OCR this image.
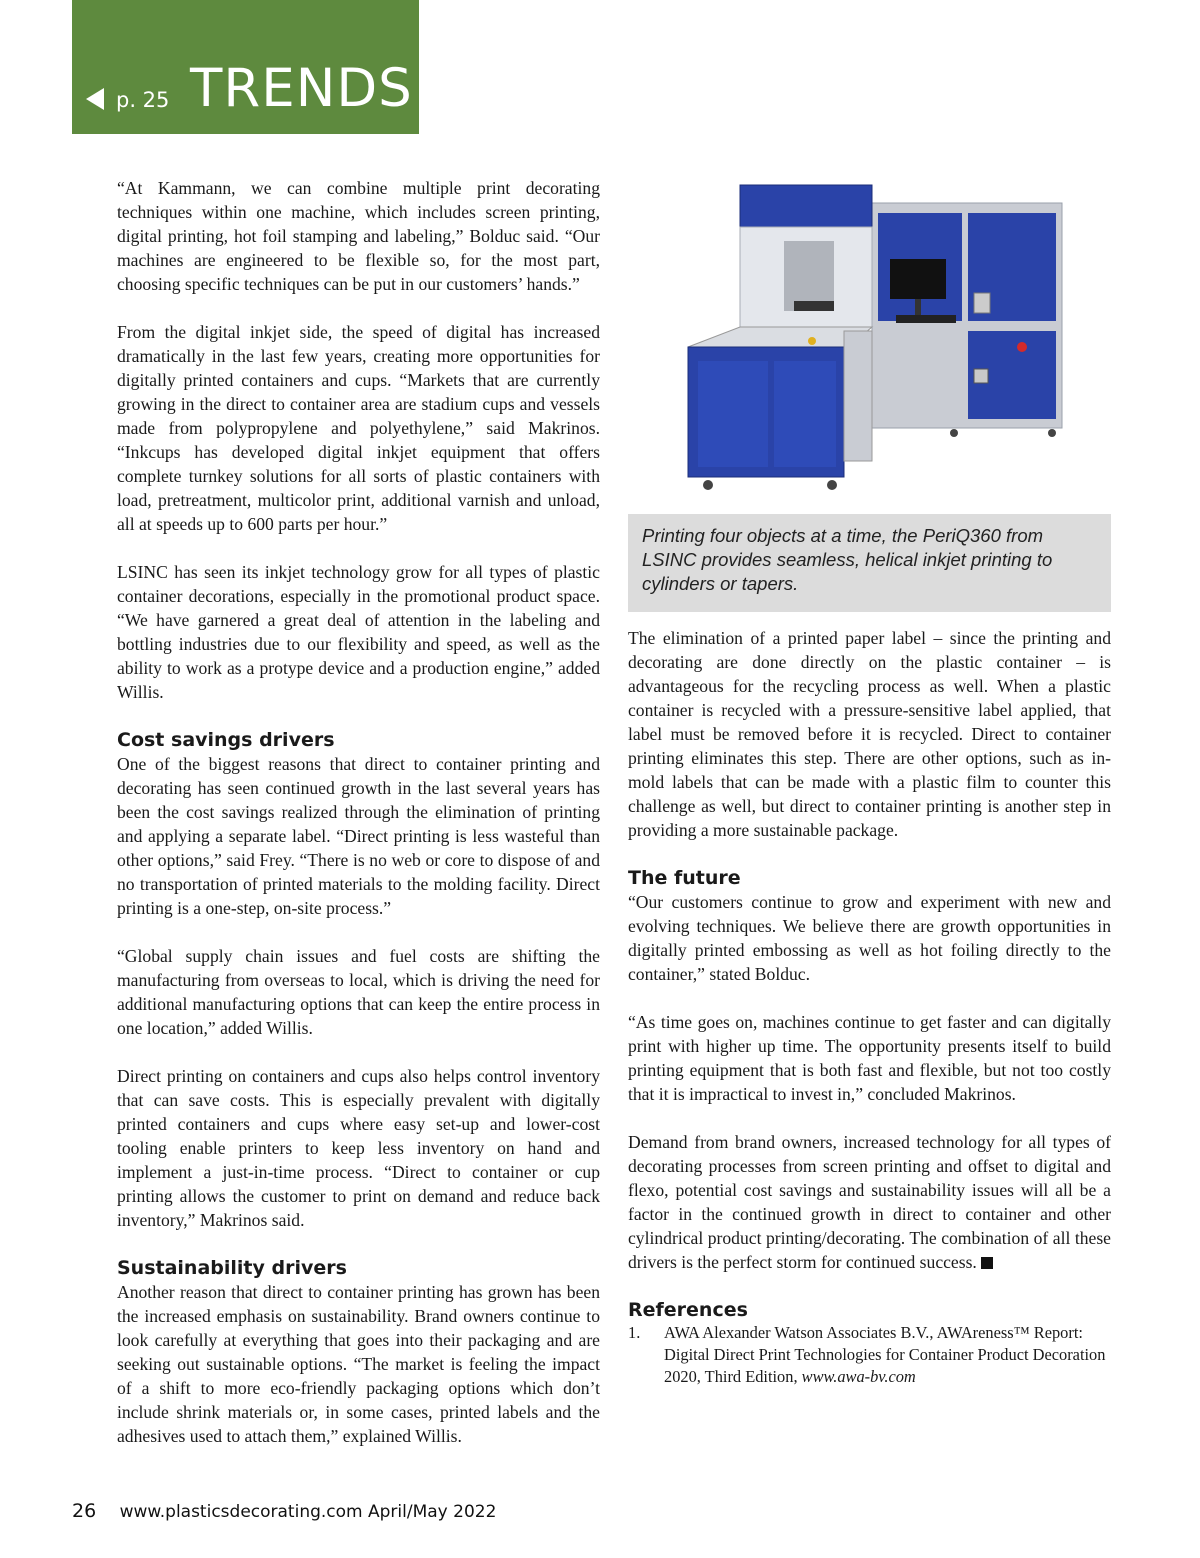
p. 25 TRENDS

“At Kammann, we can combine multiple print decorating techniques within one machine, which includes screen printing, digital printing, hot foil stamping and labeling,” Bolduc said. “Our machines are engineered to be flexible so, for the most part, choosing specific techniques can be put in our customers’ hands.”

From the digital inkjet side, the speed of digital has increased dramatically in the last few years, creating more opportunities for digitally printed containers and cups. “Markets that are currently growing in the direct to container area are stadium cups and vessels made from polypropylene and polyethylene,” said Makrinos. “Inkcups has developed digital inkjet equipment that offers complete turnkey solutions for all sorts of plastic containers with load, pretreatment, multicolor print, additional varnish and unload, all at speeds up to 600 parts per hour.”

LSINC has seen its inkjet technology grow for all types of plastic container decorations, especially in the promotional product space. “We have garnered a great deal of attention in the labeling and bottling industries due to our flexibility and speed, as well as the ability to work as a protype device and a production engine,” added Willis.

Cost savings drivers

One of the biggest reasons that direct to container printing and decorating has seen continued growth in the last several years has been the cost savings realized through the elimination of printing and applying a separate label. “Direct printing is less wasteful than other options,” said Frey. “There is no web or core to dispose of and no transportation of printed materials to the molding facility. Direct printing is a one-step, on-site process.”

“Global supply chain issues and fuel costs are shifting the manufacturing from overseas to local, which is driving the need for additional manufacturing options that can keep the entire process in one location,” added Willis.

Direct printing on containers and cups also helps control inventory that can save costs. This is especially prevalent with digitally printed containers and cups where easy set-up and lower-cost tooling enable printers to keep less inventory on hand and implement a just-in-time process. “Direct to container or cup printing allows the customer to print on demand and reduce back inventory,” Makrinos said.

Sustainability drivers

Another reason that direct to container printing has grown has been the increased emphasis on sustainability. Brand owners continue to look carefully at everything that goes into their packaging and are seeking out sustainable options. “The market is feeling the impact of a shift to more eco-friendly packaging options which don’t include shrink materials or, in some cases, printed labels and the adhesives used to attach them,” explained Willis.

Printing four objects at a time, the PeriQ360 from LSINC provides seamless, helical inkjet printing to cylinders or tapers.

The elimination of a printed paper label – since the printing and decorating are done directly on the plastic container – is advantageous for the recycling process as well. When a plastic container is recycled with a pressure-sensitive label applied, that label must be removed before it is recycled. Direct to container printing eliminates this step. There are other options, such as in-mold labels that can be made with a plastic film to counter this challenge as well, but direct to container printing is another step in providing a more sustainable package.

The future

“Our customers continue to grow and experiment with new and evolving techniques. We believe there are growth opportunities in digitally printed embossing as well as hot foiling directly to the container,” stated Bolduc.

“As time goes on, machines continue to get faster and can digitally print with higher up time. The opportunity presents itself to build printing equipment that is both fast and flexible, but not too costly that it is impractical to invest in,” concluded Makrinos.

Demand from brand owners, increased technology for all types of decorating processes from screen printing and offset to digital and flexo, potential cost savings and sustainability issues will all be a factor in the continued growth in direct to container and other cylindrical product printing/decorating. The combination of all these drivers is the perfect storm for continued success.

References
1.	AWA Alexander Watson Associates B.V., AWAreness™ Report: Digital Direct Print Technologies for Container Product Decoration 2020, Third Edition, www.awa-bv.com
26 www.plasticsdecorating.com April/May 2022
